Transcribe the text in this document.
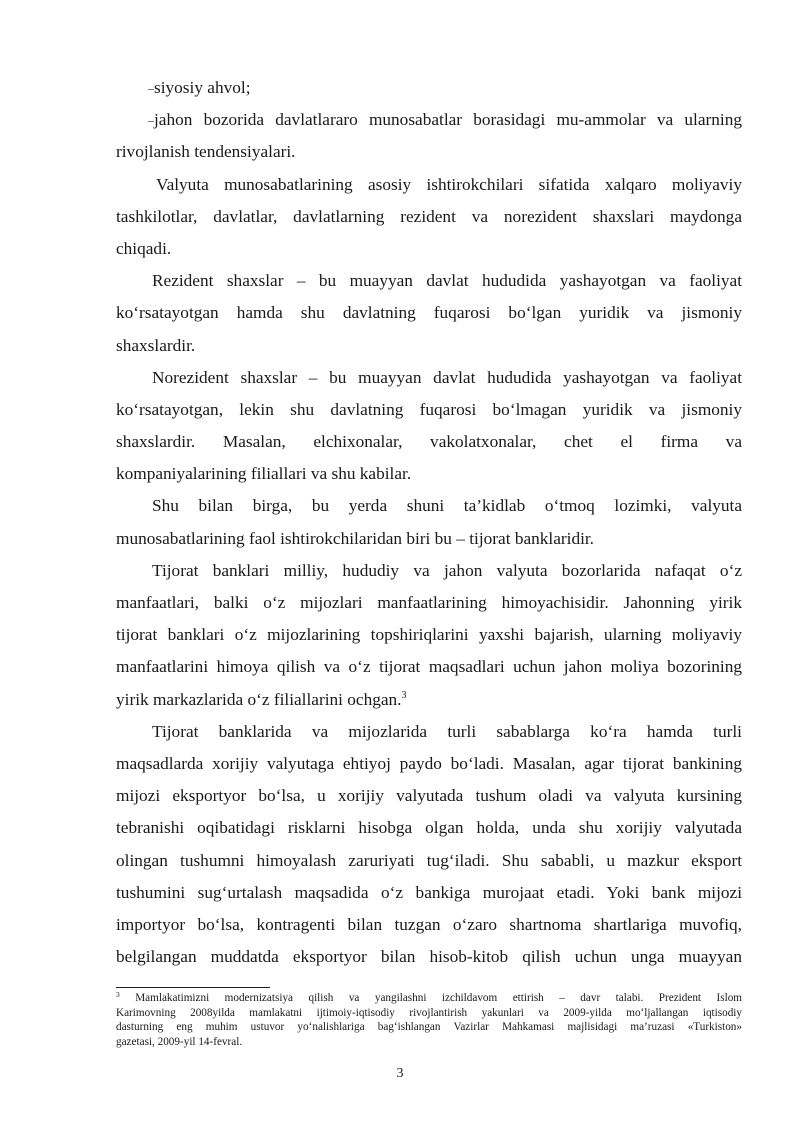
–siyosiy ahvol;
–jahon bozorida davlatlararo munosabatlar borasidagi mu-ammolar va ularning
rivojlanish tendensiyalari.
Valyuta munosabatlarining asosiy ishtirokchilari sifatida xalqaro moliyaviy
tashkilotlar, davlatlar, davlatlarning rezident va norezident shaxslari maydonga
chiqadi.
Rezident shaxslar – bu muayyan davlat hududida yashayotgan va faoliyat
ko‘rsatayotgan hamda shu davlatning fuqarosi bo‘lgan yuridik va jismoniy
shaxslardir.
Norezident shaxslar – bu muayyan davlat hududida yashayotgan va faoliyat
ko‘rsatayotgan, lekin shu davlatning fuqarosi bo‘lmagan yuridik va jismoniy
shaxslardir. Masalan, elchixonalar, vakolatxonalar, chet el firma va
kompaniyalarining filiallari va shu kabilar.
Shu bilan birga, bu yerda shuni ta’kidlab o‘tmoq lozimki, valyuta
munosabatlarining faol ishtirokchilaridan biri bu – tijorat banklaridir.
Tijorat banklari milliy, hududiy va jahon valyuta bozorlarida nafaqat o‘z
manfaatlari, balki o‘z mijozlari manfaatlarining himoyachisidir. Jahonning yirik
tijorat banklari o‘z mijozlarining topshiriqlarini yaxshi bajarish, ularning moliyaviy
manfaatlarini himoya qilish va o‘z tijorat maqsadlari uchun jahon moliya bozorining
yirik markazlarida o‘z filiallarini ochgan.$^3$
Tijorat banklarida va mijozlarida turli sabablarga ko‘ra hamda turli
maqsadlarda xorijiy valyutaga ehtiyoj paydo bo‘ladi. Masalan, agar tijorat bankining
mijozi eksportyor bo‘lsa, u xorijiy valyutada tushum oladi va valyuta kursining
tebranishi oqibatidagi risklarni hisobga olgan holda, unda shu xorijiy valyutada
olingan tushumni himoyalash zaruriyati tug‘iladi. Shu sababli, u mazkur eksport
tushumini sug‘urtalash maqsadida o‘z bankiga murojaat etadi. Yoki bank mijozi
importyor bo‘lsa, kontragenti bilan tuzgan o‘zaro shartnoma shartlariga muvofiq,
belgilangan muddatda eksportyor bilan hisob-kitob qilish uchun unga muayyan
$^3$ Mamlakatimizni modernizatsiya qilish va yangilashni izchildavom ettirish – davr talabi. Prezident Islom
Karimovning 2008yilda mamlakatni ijtimoiy-iqtisodiy rivojlantirish yakunlari va 2009-yilda mo‘ljallangan iqtisodiy
dasturning eng muhim ustuvor yo‘nalishlariga bag‘ishlangan Vazirlar Mahkamasi majlisidagi ma’ruzasi «Turkiston»
gazetasi, 2009-yil 14-fevral.
3
